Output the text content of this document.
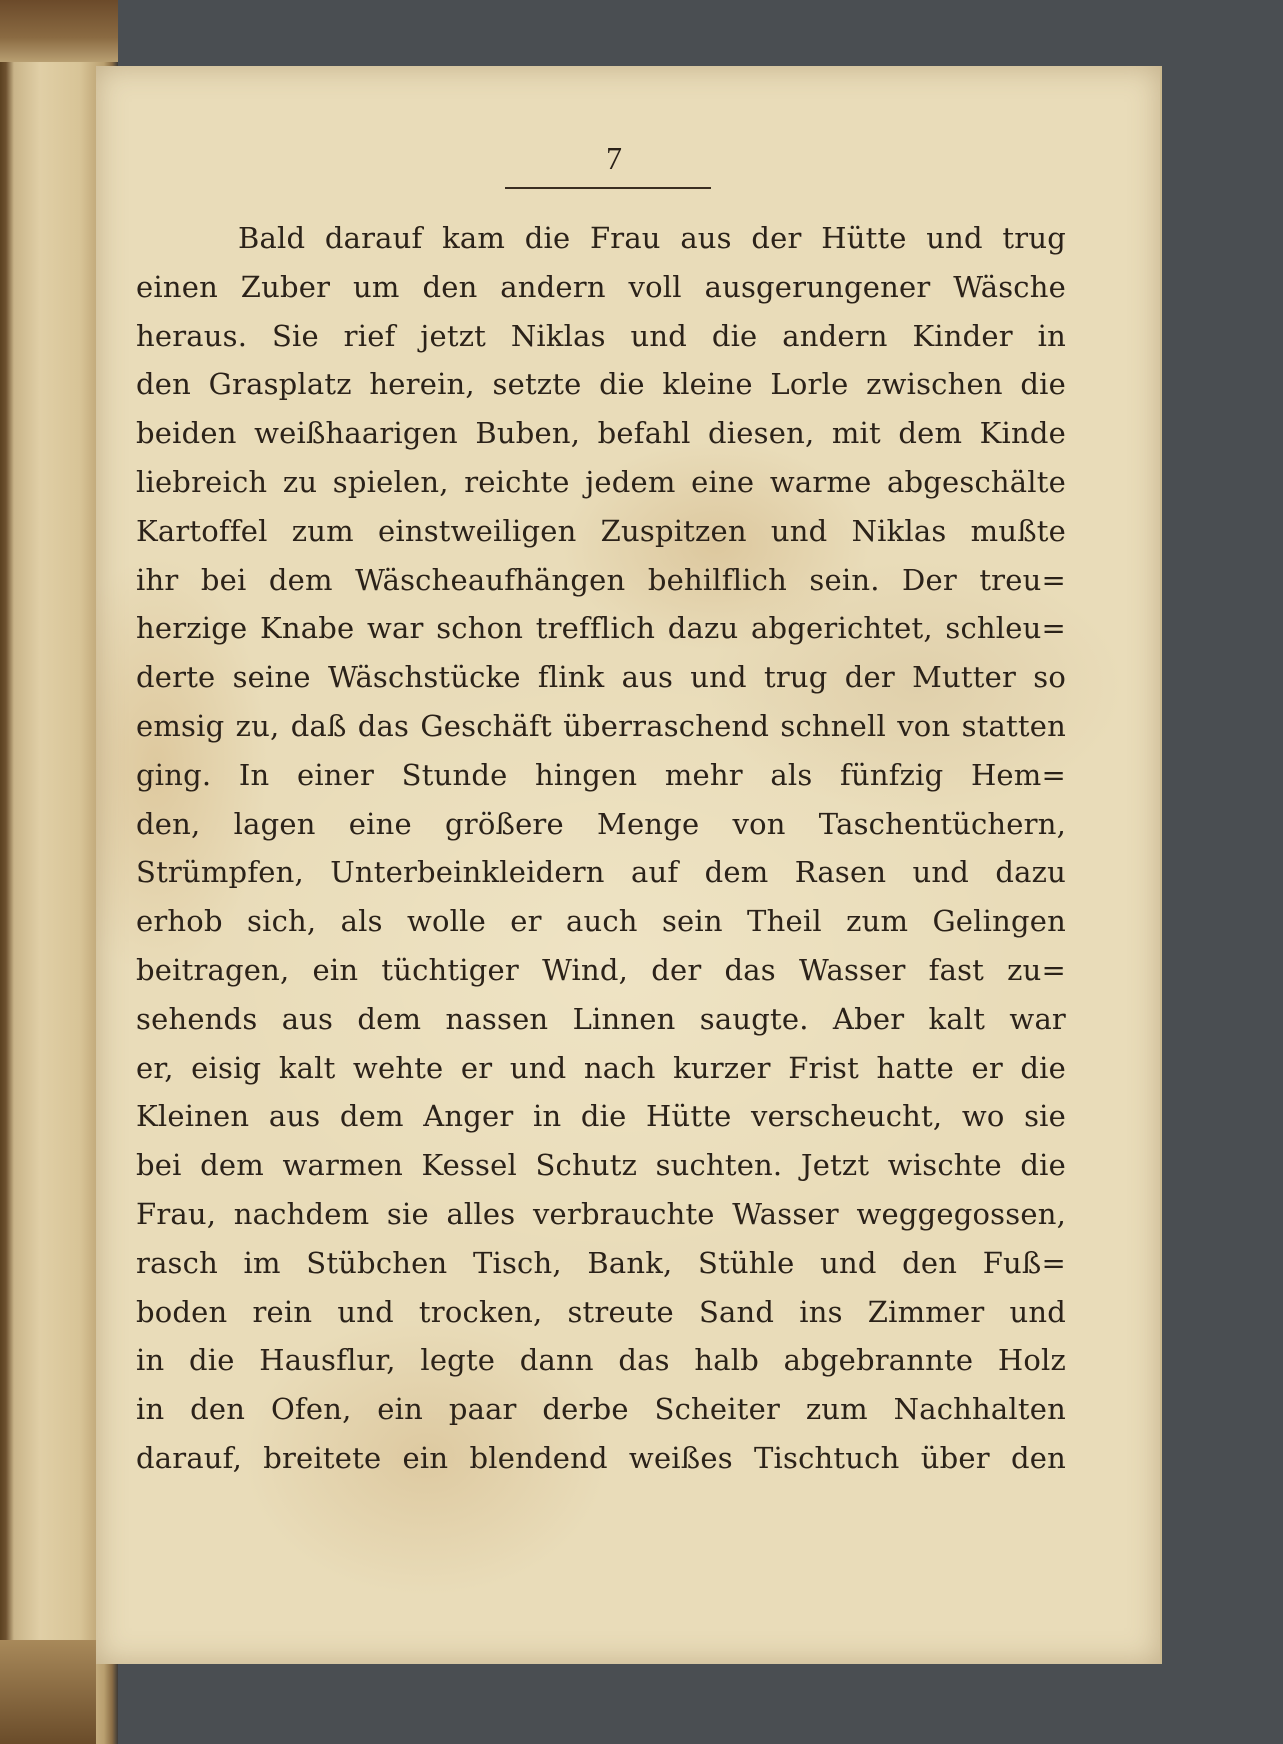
7
Bald darauf kam die Frau aus der Hütte und trug
einen Zuber um den andern voll ausgerungener Wäsche
heraus. Sie rief jetzt Niklas und die andern Kinder in
den Grasplatz herein, setzte die kleine Lorle zwischen die
beiden weißhaarigen Buben, befahl diesen, mit dem Kinde
liebreich zu spielen, reichte jedem eine warme abgeschälte
Kartoffel zum einstweiligen Zuspitzen und Niklas mußte
ihr bei dem Wäscheaufhängen behilflich sein. Der treu=
herzige Knabe war schon trefflich dazu abgerichtet, schleu=
derte seine Wäschstücke flink aus und trug der Mutter so
emsig zu, daß das Geschäft überraschend schnell von statten
ging. In einer Stunde hingen mehr als fünfzig Hem=
den, lagen eine größere Menge von Taschentüchern,
Strümpfen, Unterbeinkleidern auf dem Rasen und dazu
erhob sich, als wolle er auch sein Theil zum Gelingen
beitragen, ein tüchtiger Wind, der das Wasser fast zu=
sehends aus dem nassen Linnen saugte. Aber kalt war
er, eisig kalt wehte er und nach kurzer Frist hatte er die
Kleinen aus dem Anger in die Hütte verscheucht, wo sie
bei dem warmen Kessel Schutz suchten. Jetzt wischte die
Frau, nachdem sie alles verbrauchte Wasser weggegossen,
rasch im Stübchen Tisch, Bank, Stühle und den Fuß=
boden rein und trocken, streute Sand ins Zimmer und
in die Hausflur, legte dann das halb abgebrannte Holz
in den Ofen, ein paar derbe Scheiter zum Nachhalten
darauf, breitete ein blendend weißes Tischtuch über den
